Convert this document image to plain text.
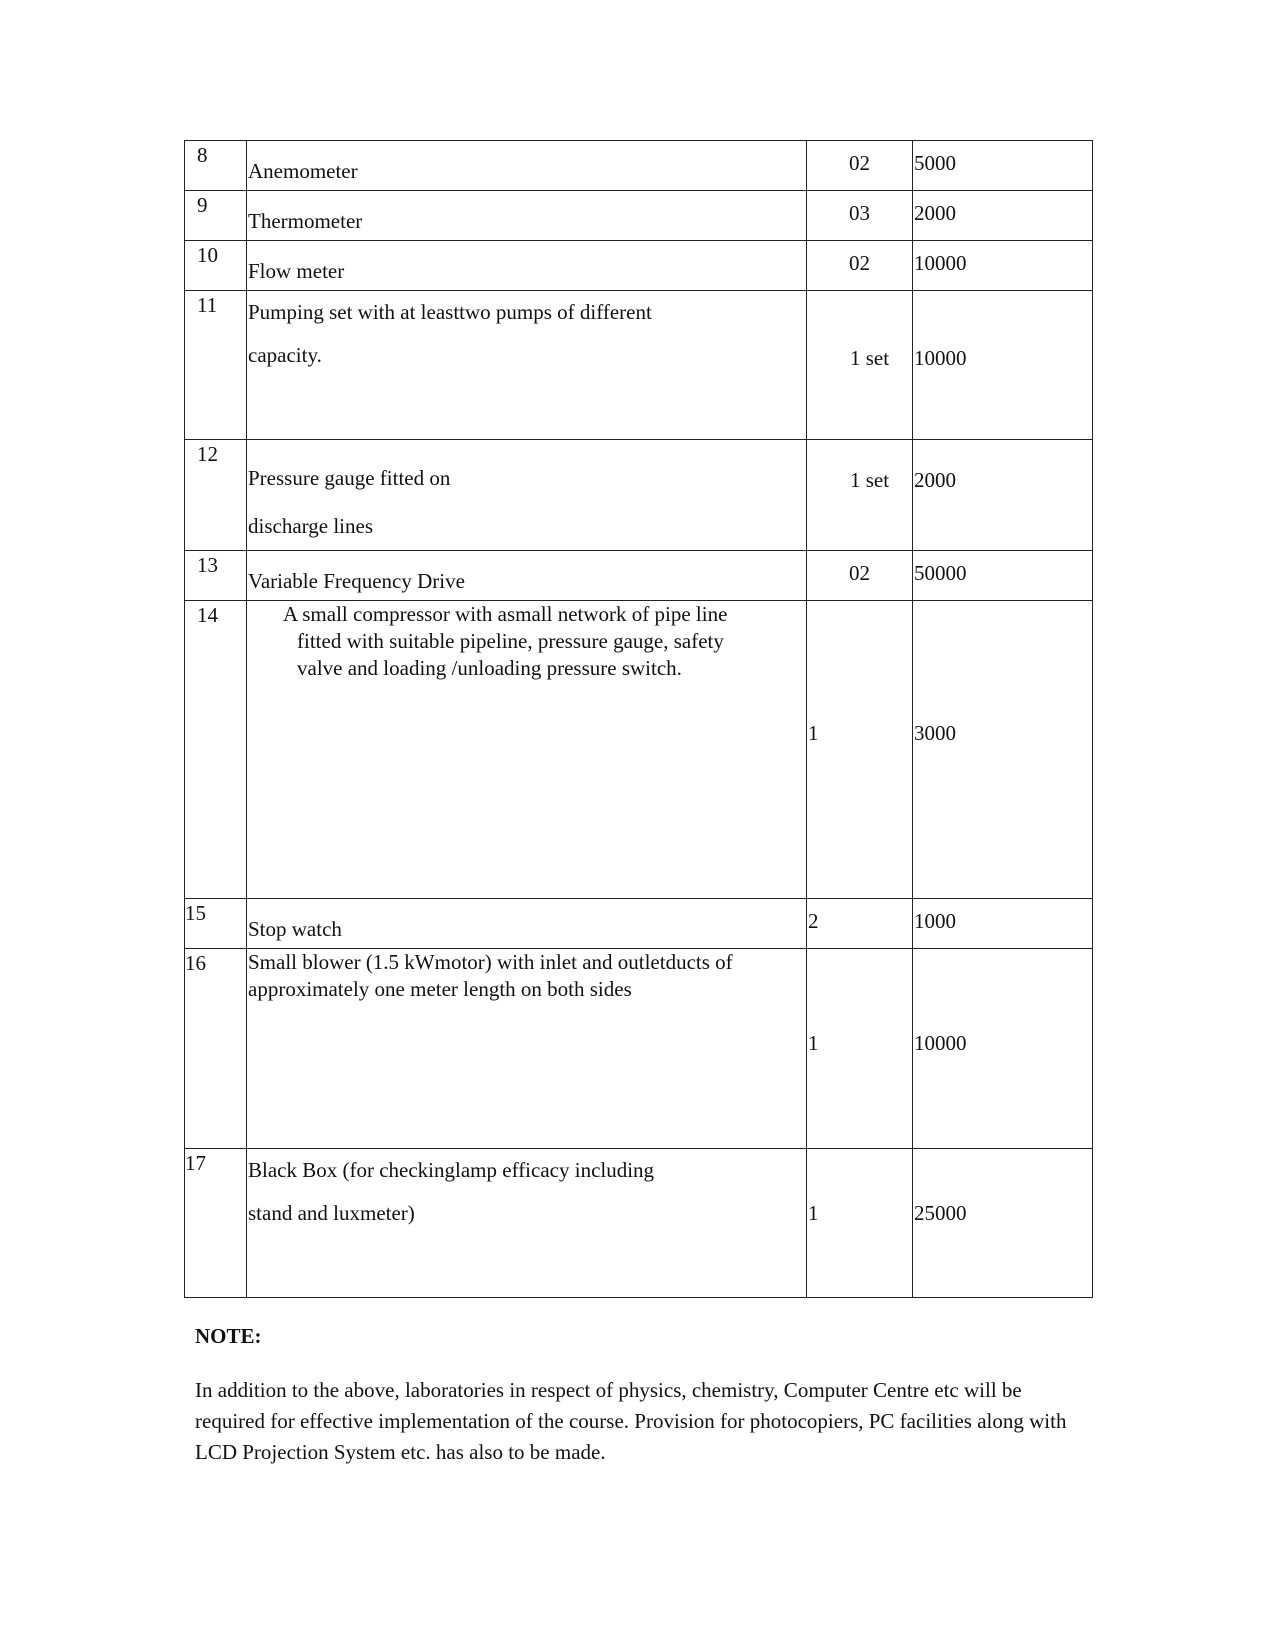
8	Anemometer	02	5000

9	Thermometer	03	2000

10	Flow meter	02	10000

11	Pumping set with at leasttwo pumps of different
capacity.	1 set	10000

12	Pressure gauge fitted on
discharge lines	1 set	2000

13	Variable Frequency Drive	02	50000

14	A small compressor with asmall network of pipe line
fitted with suitable pipeline, pressure gauge, safety
valve and loading /unloading pressure switch.	1	3000

15	Stop watch	2	1000

16	Small blower (1.5 kWmotor) with inlet and outletducts of
approximately one meter length on both sides	1	10000

17	Black Box (for checkinglamp efficacy including
stand and luxmeter)	1	25000
NOTE:
In addition to the above, laboratories in respect of physics, chemistry, Computer Centre etc will be required for effective implementation of the course. Provision for photocopiers, PC facilities along with LCD Projection System etc. has also to be made.
